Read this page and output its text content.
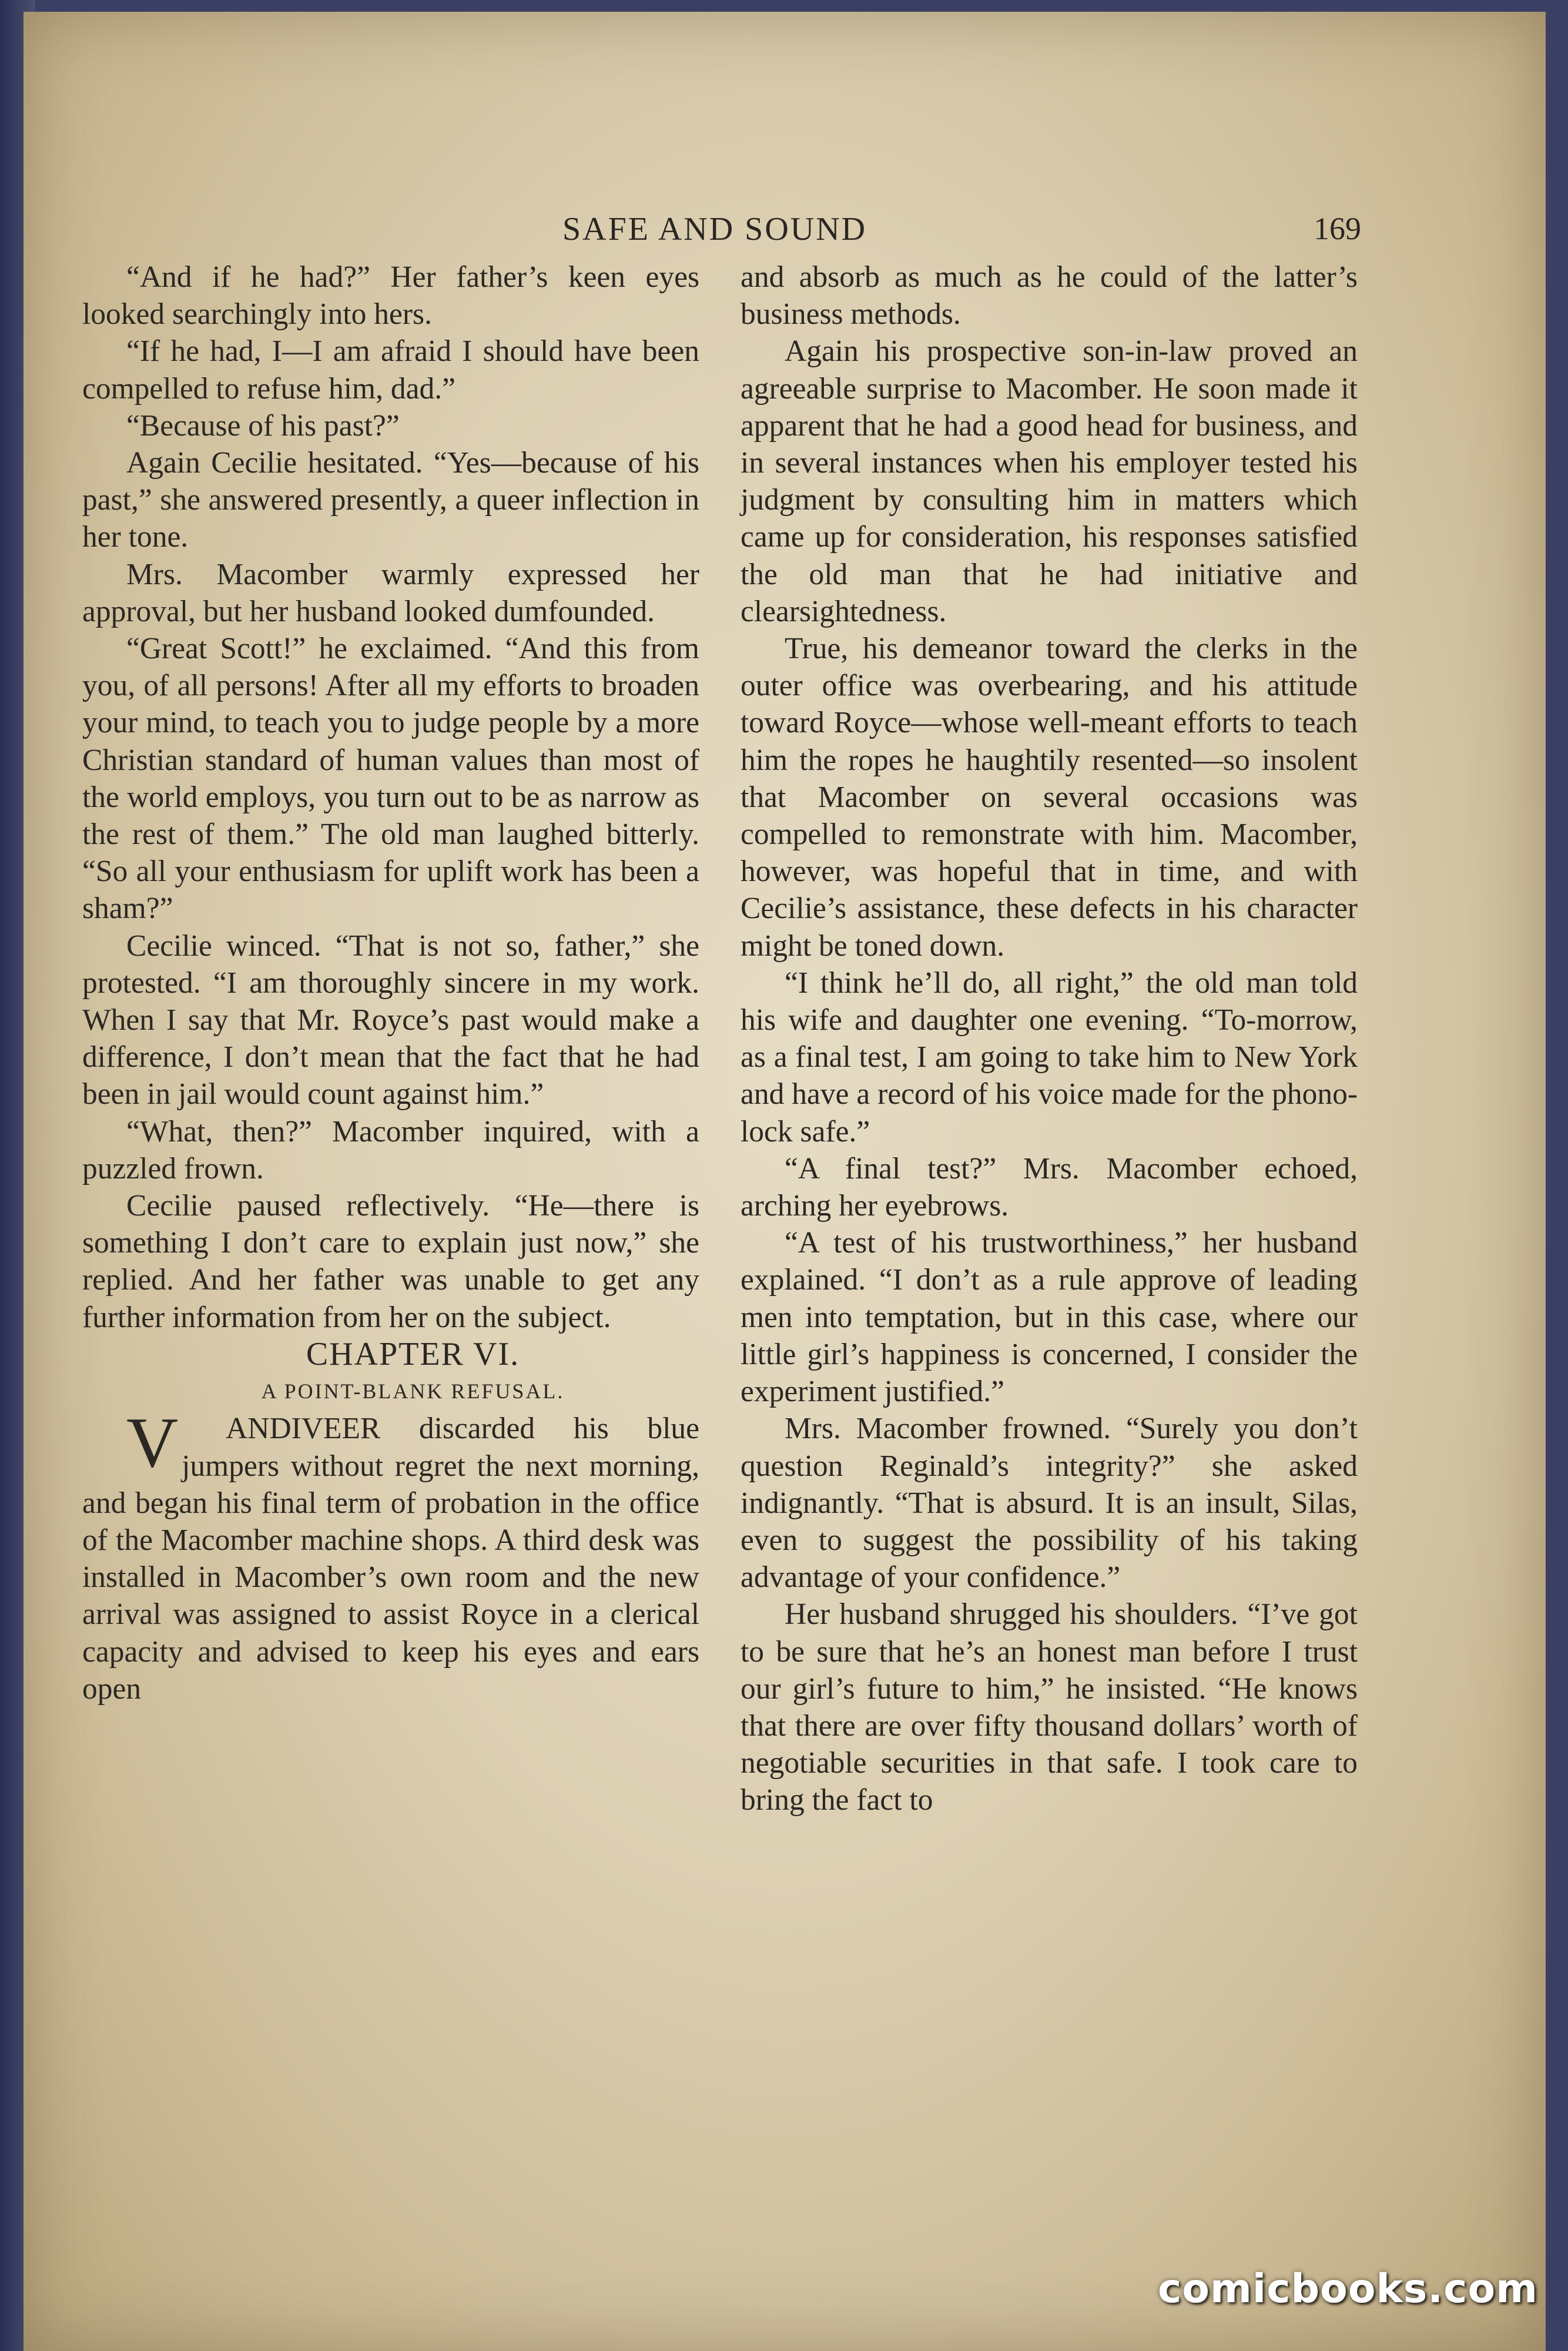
SAFE AND SOUND	169

“And if he had?” Her father’s keen eyes looked searchingly into hers.

“If he had, I—I am afraid I should have been compelled to refuse him, dad.”

“Because of his past?”

Again Cecilie hesitated. “Yes—because of his past,” she answered presently, a queer inflection in her tone.

Mrs. Macomber warmly expressed her approval, but her husband looked dumfounded.

“Great Scott!” he exclaimed. “And this from you, of all persons! After all my efforts to broaden your mind, to teach you to judge people by a more Christian standard of human values than most of the world employs, you turn out to be as narrow as the rest of them.” The old man laughed bitterly. “So all your enthusiasm for uplift work has been a sham?”

Cecilie winced. “That is not so, father,” she protested. “I am thoroughly sincere in my work. When I say that Mr. Royce’s past would make a difference, I don’t mean that the fact that he had been in jail would count against him.”

“What, then?” Macomber inquired, with a puzzled frown.

Cecilie paused reflectively. “He—there is something I don’t care to explain just now,” she replied. And her father was unable to get any further information from her on the subject.

CHAPTER VI.

A POINT-BLANK REFUSAL.

V ANDIVEER discarded his blue jumpers without regret the next morning, and began his final term of probation in the office of the Macomber machine shops. A third desk was installed in Macomber’s own room and the new arrival was assigned to assist Royce in a clerical capacity and advised to keep his eyes and ears open

and absorb as much as he could of the latter’s business methods.

Again his prospective son-in-law proved an agreeable surprise to Macomber. He soon made it apparent that he had a good head for business, and in several instances when his employer tested his judgment by consulting him in matters which came up for consideration, his responses satisfied the old man that he had initiative and clearsightedness.

True, his demeanor toward the clerks in the outer office was overbearing, and his attitude toward Royce—whose well-meant efforts to teach him the ropes he haughtily resented—so insolent that Macomber on several occasions was compelled to remonstrate with him. Macomber, however, was hopeful that in time, and with Cecilie’s assistance, these defects in his character might be toned down.

“I think he’ll do, all right,” the old man told his wife and daughter one evening. “To-morrow, as a final test, I am going to take him to New York and have a record of his voice made for the phono-lock safe.”

“A final test?” Mrs. Macomber echoed, arching her eyebrows.

“A test of his trustworthiness,” her husband explained. “I don’t as a rule approve of leading men into temptation, but in this case, where our little girl’s happiness is concerned, I consider the experiment justified.”

Mrs. Macomber frowned. “Surely you don’t question Reginald’s integrity?” she asked indignantly. “That is absurd. It is an insult, Silas, even to suggest the possibility of his taking advantage of your confidence.”

Her husband shrugged his shoulders. “I’ve got to be sure that he’s an honest man before I trust our girl’s future to him,” he insisted. “He knows that there are over fifty thousand dollars’ worth of negotiable securities in that safe. I took care to bring the fact to

comicbooks.com
